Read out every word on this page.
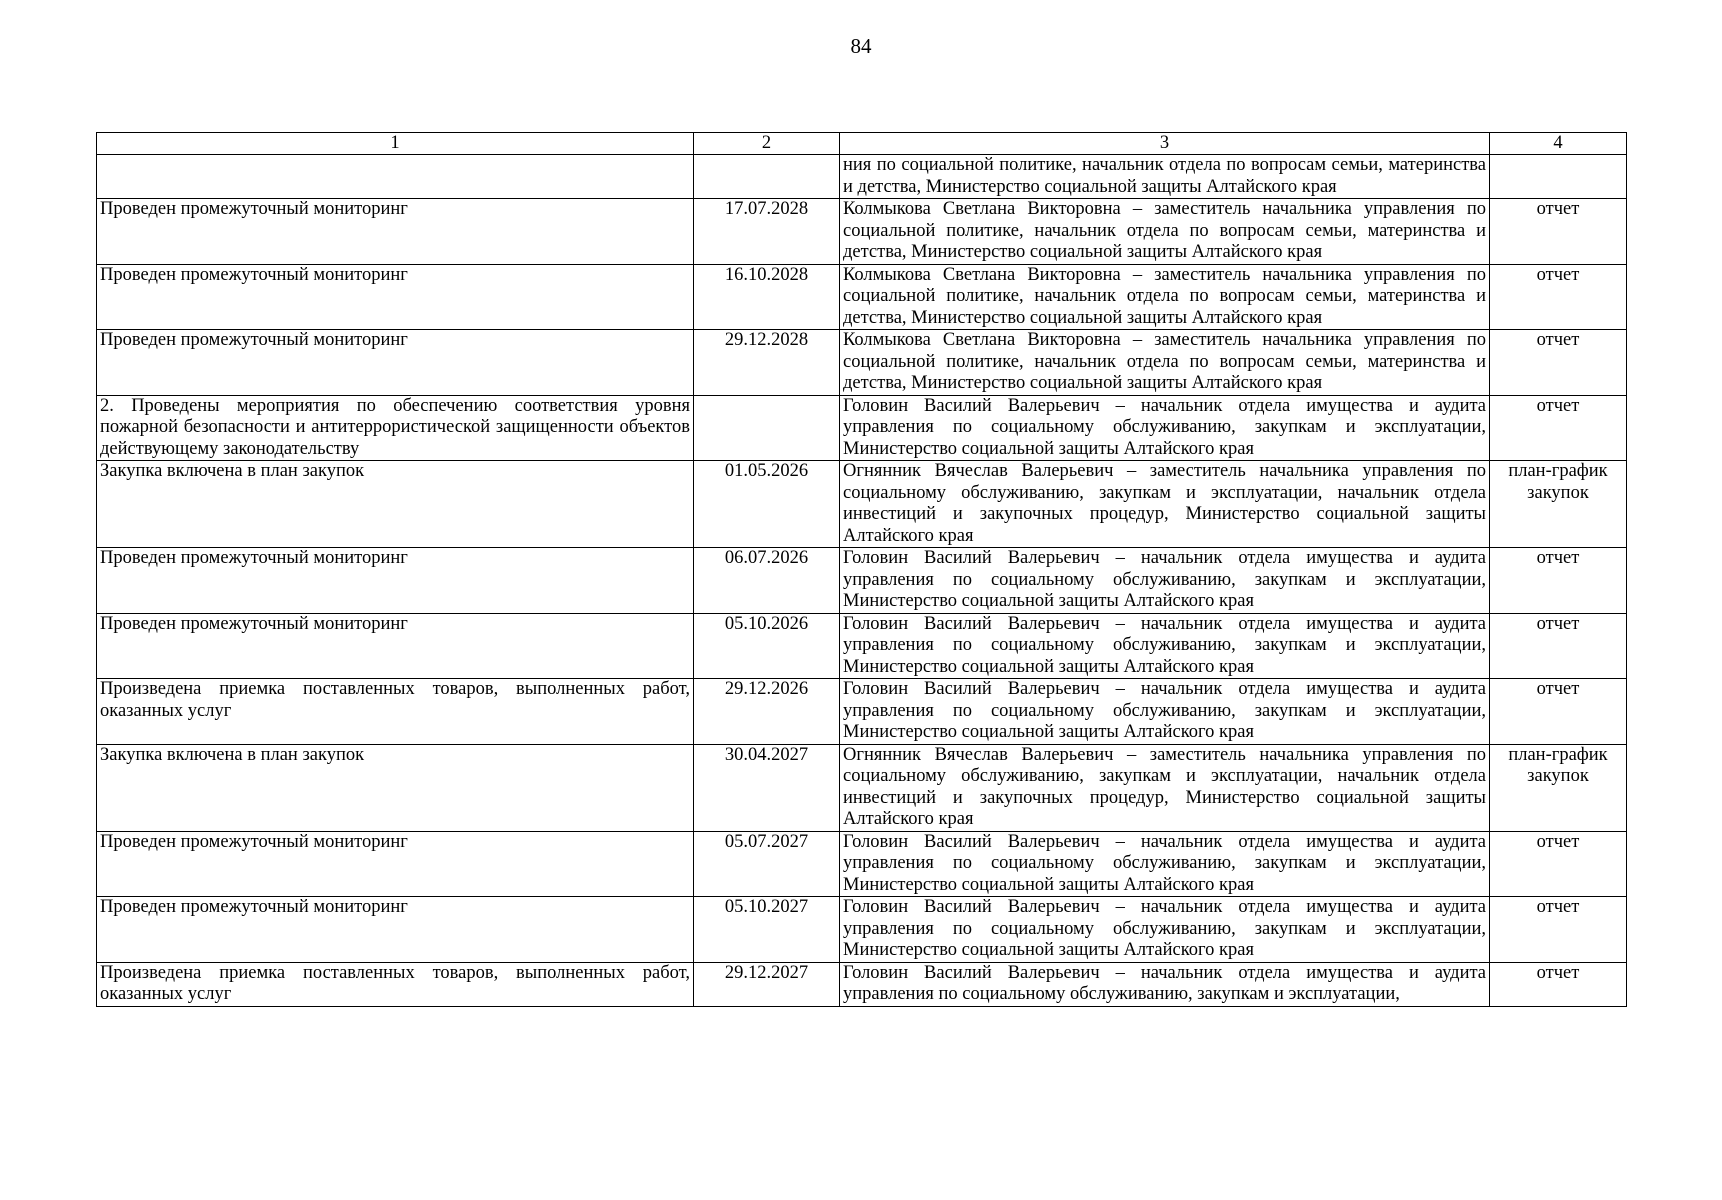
84
1	2	3	4
		ния по социальной политике, начальник отдела по вопросам семьи, материнства и детства, Министерство социальной защиты Алтайского края	
Проведен промежуточный мониторинг	17.07.2028	Колмыкова Светлана Викторовна – заместитель начальника управления по социальной политике, начальник отдела по вопросам семьи, материнства и детства, Министерство социальной защиты Алтайского края	отчет
Проведен промежуточный мониторинг	16.10.2028	Колмыкова Светлана Викторовна – заместитель начальника управления по социальной политике, начальник отдела по вопросам семьи, материнства и детства, Министерство социальной защиты Алтайского края	отчет
Проведен промежуточный мониторинг	29.12.2028	Колмыкова Светлана Викторовна – заместитель начальника управления по социальной политике, начальник отдела по вопросам семьи, материнства и детства, Министерство социальной защиты Алтайского края	отчет
2. Проведены мероприятия по обеспечению соответствия уровня пожарной безопасности и антитеррористической защищенности объектов действующему законодательству		Головин Василий Валерьевич – начальник отдела имущества и аудита управления по социальному обслуживанию, закупкам и эксплуатации, Министерство социальной защиты Алтайского края	отчет
Закупка включена в план закупок	01.05.2026	Огнянник Вячеслав Валерьевич – заместитель начальника управления по социальному обслуживанию, закупкам и эксплуатации, начальник отдела инвестиций и закупочных процедур, Министерство социальной защиты Алтайского края	план-график закупок
Проведен промежуточный мониторинг	06.07.2026	Головин Василий Валерьевич – начальник отдела имущества и аудита управления по социальному обслуживанию, закупкам и эксплуатации, Министерство социальной защиты Алтайского края	отчет
Проведен промежуточный мониторинг	05.10.2026	Головин Василий Валерьевич – начальник отдела имущества и аудита управления по социальному обслуживанию, закупкам и эксплуатации, Министерство социальной защиты Алтайского края	отчет
Произведена приемка поставленных товаров, выполненных работ, оказанных услуг	29.12.2026	Головин Василий Валерьевич – начальник отдела имущества и аудита управления по социальному обслуживанию, закупкам и эксплуатации, Министерство социальной защиты Алтайского края	отчет
Закупка включена в план закупок	30.04.2027	Огнянник Вячеслав Валерьевич – заместитель начальника управления по социальному обслуживанию, закупкам и эксплуатации, начальник отдела инвестиций и закупочных процедур, Министерство социальной защиты Алтайского края	план-график закупок
Проведен промежуточный мониторинг	05.07.2027	Головин Василий Валерьевич – начальник отдела имущества и аудита управления по социальному обслуживанию, закупкам и эксплуатации, Министерство социальной защиты Алтайского края	отчет
Проведен промежуточный мониторинг	05.10.2027	Головин Василий Валерьевич – начальник отдела имущества и аудита управления по социальному обслуживанию, закупкам и эксплуатации, Министерство социальной защиты Алтайского края	отчет
Произведена приемка поставленных товаров, выполненных работ, оказанных услуг	29.12.2027	Головин Василий Валерьевич – начальник отдела имущества и аудита управления по социальному обслуживанию, закупкам и эксплуатации,	отчет
